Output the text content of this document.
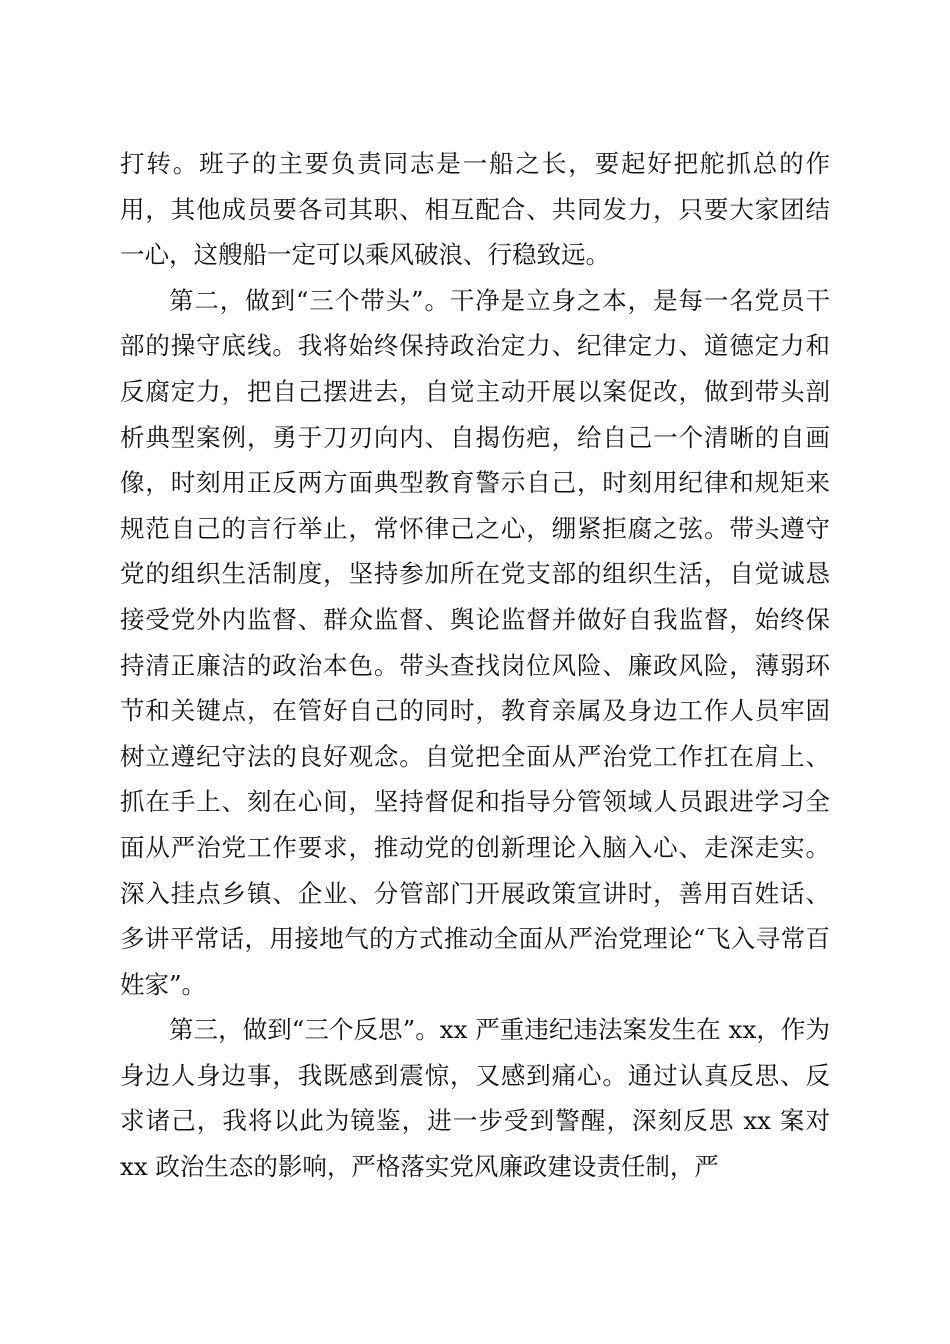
打转。班子的主要负责同志是一船之长，要起好把舵抓总的作用，其他成员要各司其职、相互配合、共同发力，只要大家团结一心，这艘船一定可以乘风破浪、行稳致远。

第二，做到“三个带头”。干净是立身之本，是每一名党员干部的操守底线。我将始终保持政治定力、纪律定力、道德定力和反腐定力，把自己摆进去，自觉主动开展以案促改，做到带头剖析典型案例，勇于刀刃向内、自揭伤疤，给自己一个清晰的自画像，时刻用正反两方面典型教育警示自己，时刻用纪律和规矩来规范自己的言行举止，常怀律己之心，绷紧拒腐之弦。带头遵守党的组织生活制度，坚持参加所在党支部的组织生活，自觉诚恳接受党外内监督、群众监督、舆论监督并做好自我监督，始终保持清正廉洁的政治本色。带头查找岗位风险、廉政风险，薄弱环节和关键点，在管好自己的同时，教育亲属及身边工作人员牢固树立遵纪守法的良好观念。自觉把全面从严治党工作扛在肩上、抓在手上、刻在心间，坚持督促和指导分管领域人员跟进学习全面从严治党工作要求，推动党的创新理论入脑入心、走深走实。深入挂点乡镇、企业、分管部门开展政策宣讲时，善用百姓话、多讲平常话，用接地气的方式推动全面从严治党理论“飞入寻常百姓家”。

第三，做到“三个反思”。xx 严重违纪违法案发生在 xx，作为身边人身边事，我既感到震惊，又感到痛心。通过认真反思、反求诸己，我将以此为镜鉴，进一步受到警醒，深刻反思 xx 案对 xx 政治生态的影响，严格落实党风廉政建设责任制，严
